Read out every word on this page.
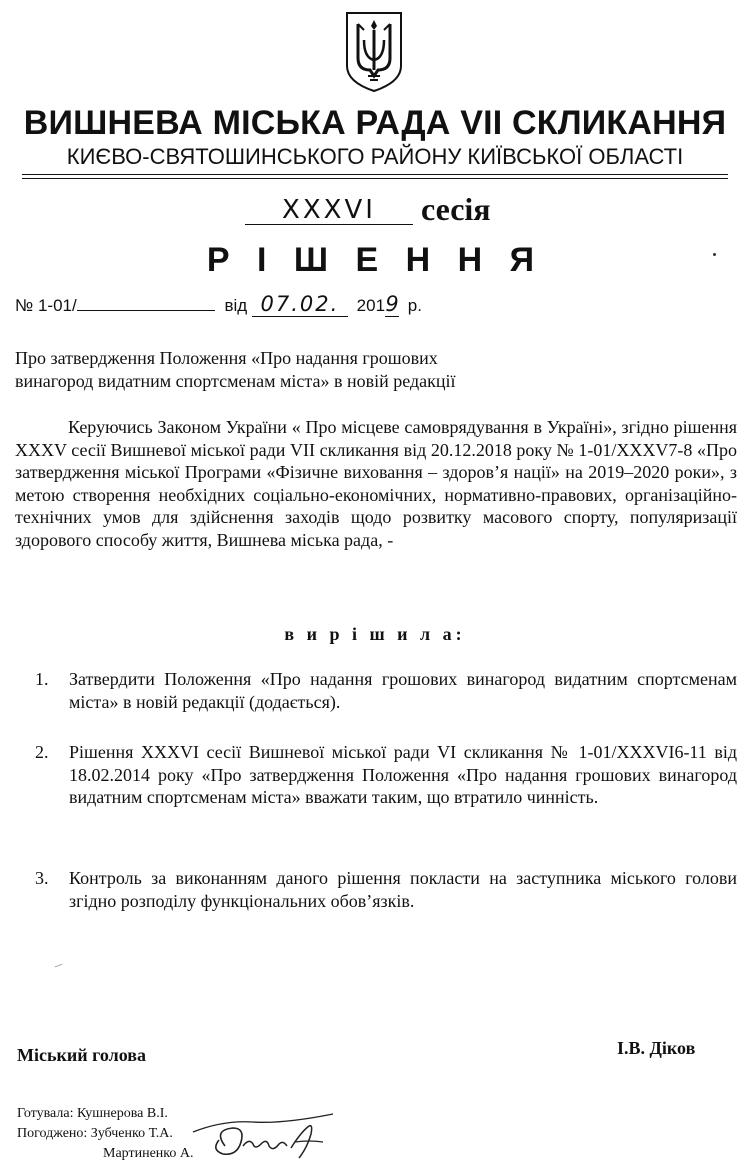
ВИШНЕВА МІСЬКА РАДА VII СКЛИКАННЯ
КИЄВО-СВЯТОШИНСЬКОГО РАЙОНУ КИЇВСЬКОЇ ОБЛАСТІ
XXXVI	сесія
Р І Ш Е Н Н Я
№ 1-01/	від 07.02. 2019 р.
Про затвердження Положення «Про надання грошових
винагород видатним спортсменам міста» в новій редакції
Керуючись Законом України « Про місцеве самоврядування в Україні», згідно рішення XXXV сесії Вишневої міської ради VII скликання від 20.12.2018 року № 1-01/XXXV7-8 «Про затвердження міської Програми «Фізичне виховання – здоров’я нації» на 2019–2020 роки», з метою створення необхідних соціально-економічних, нормативно-правових, організаційно-технічних умов для здійснення заходів щодо розвитку масового спорту, популяризації здорового способу життя, Вишнева міська рада, -
в и р і ш и л а:
1.	Затвердити Положення «Про надання грошових винагород видатним спортсменам міста» в новій редакції (додається).
2.	Рішення XXXVI сесії Вишневої міської ради VI скликання № 1-01/XXXVI6-11 від 18.02.2014 року «Про затвердження Положення «Про надання грошових винагород видатним спортсменам міста» вважати таким, що втратило чинність.
3.	Контроль за виконанням даного рішення покласти на заступника міського голови згідно розподілу функціональних обов’язків.
Міський голова	І.В. Діков
Готувала: Кушнерова В.І.
Погоджено: Зубченко Т.А.
Мартиненко А.
